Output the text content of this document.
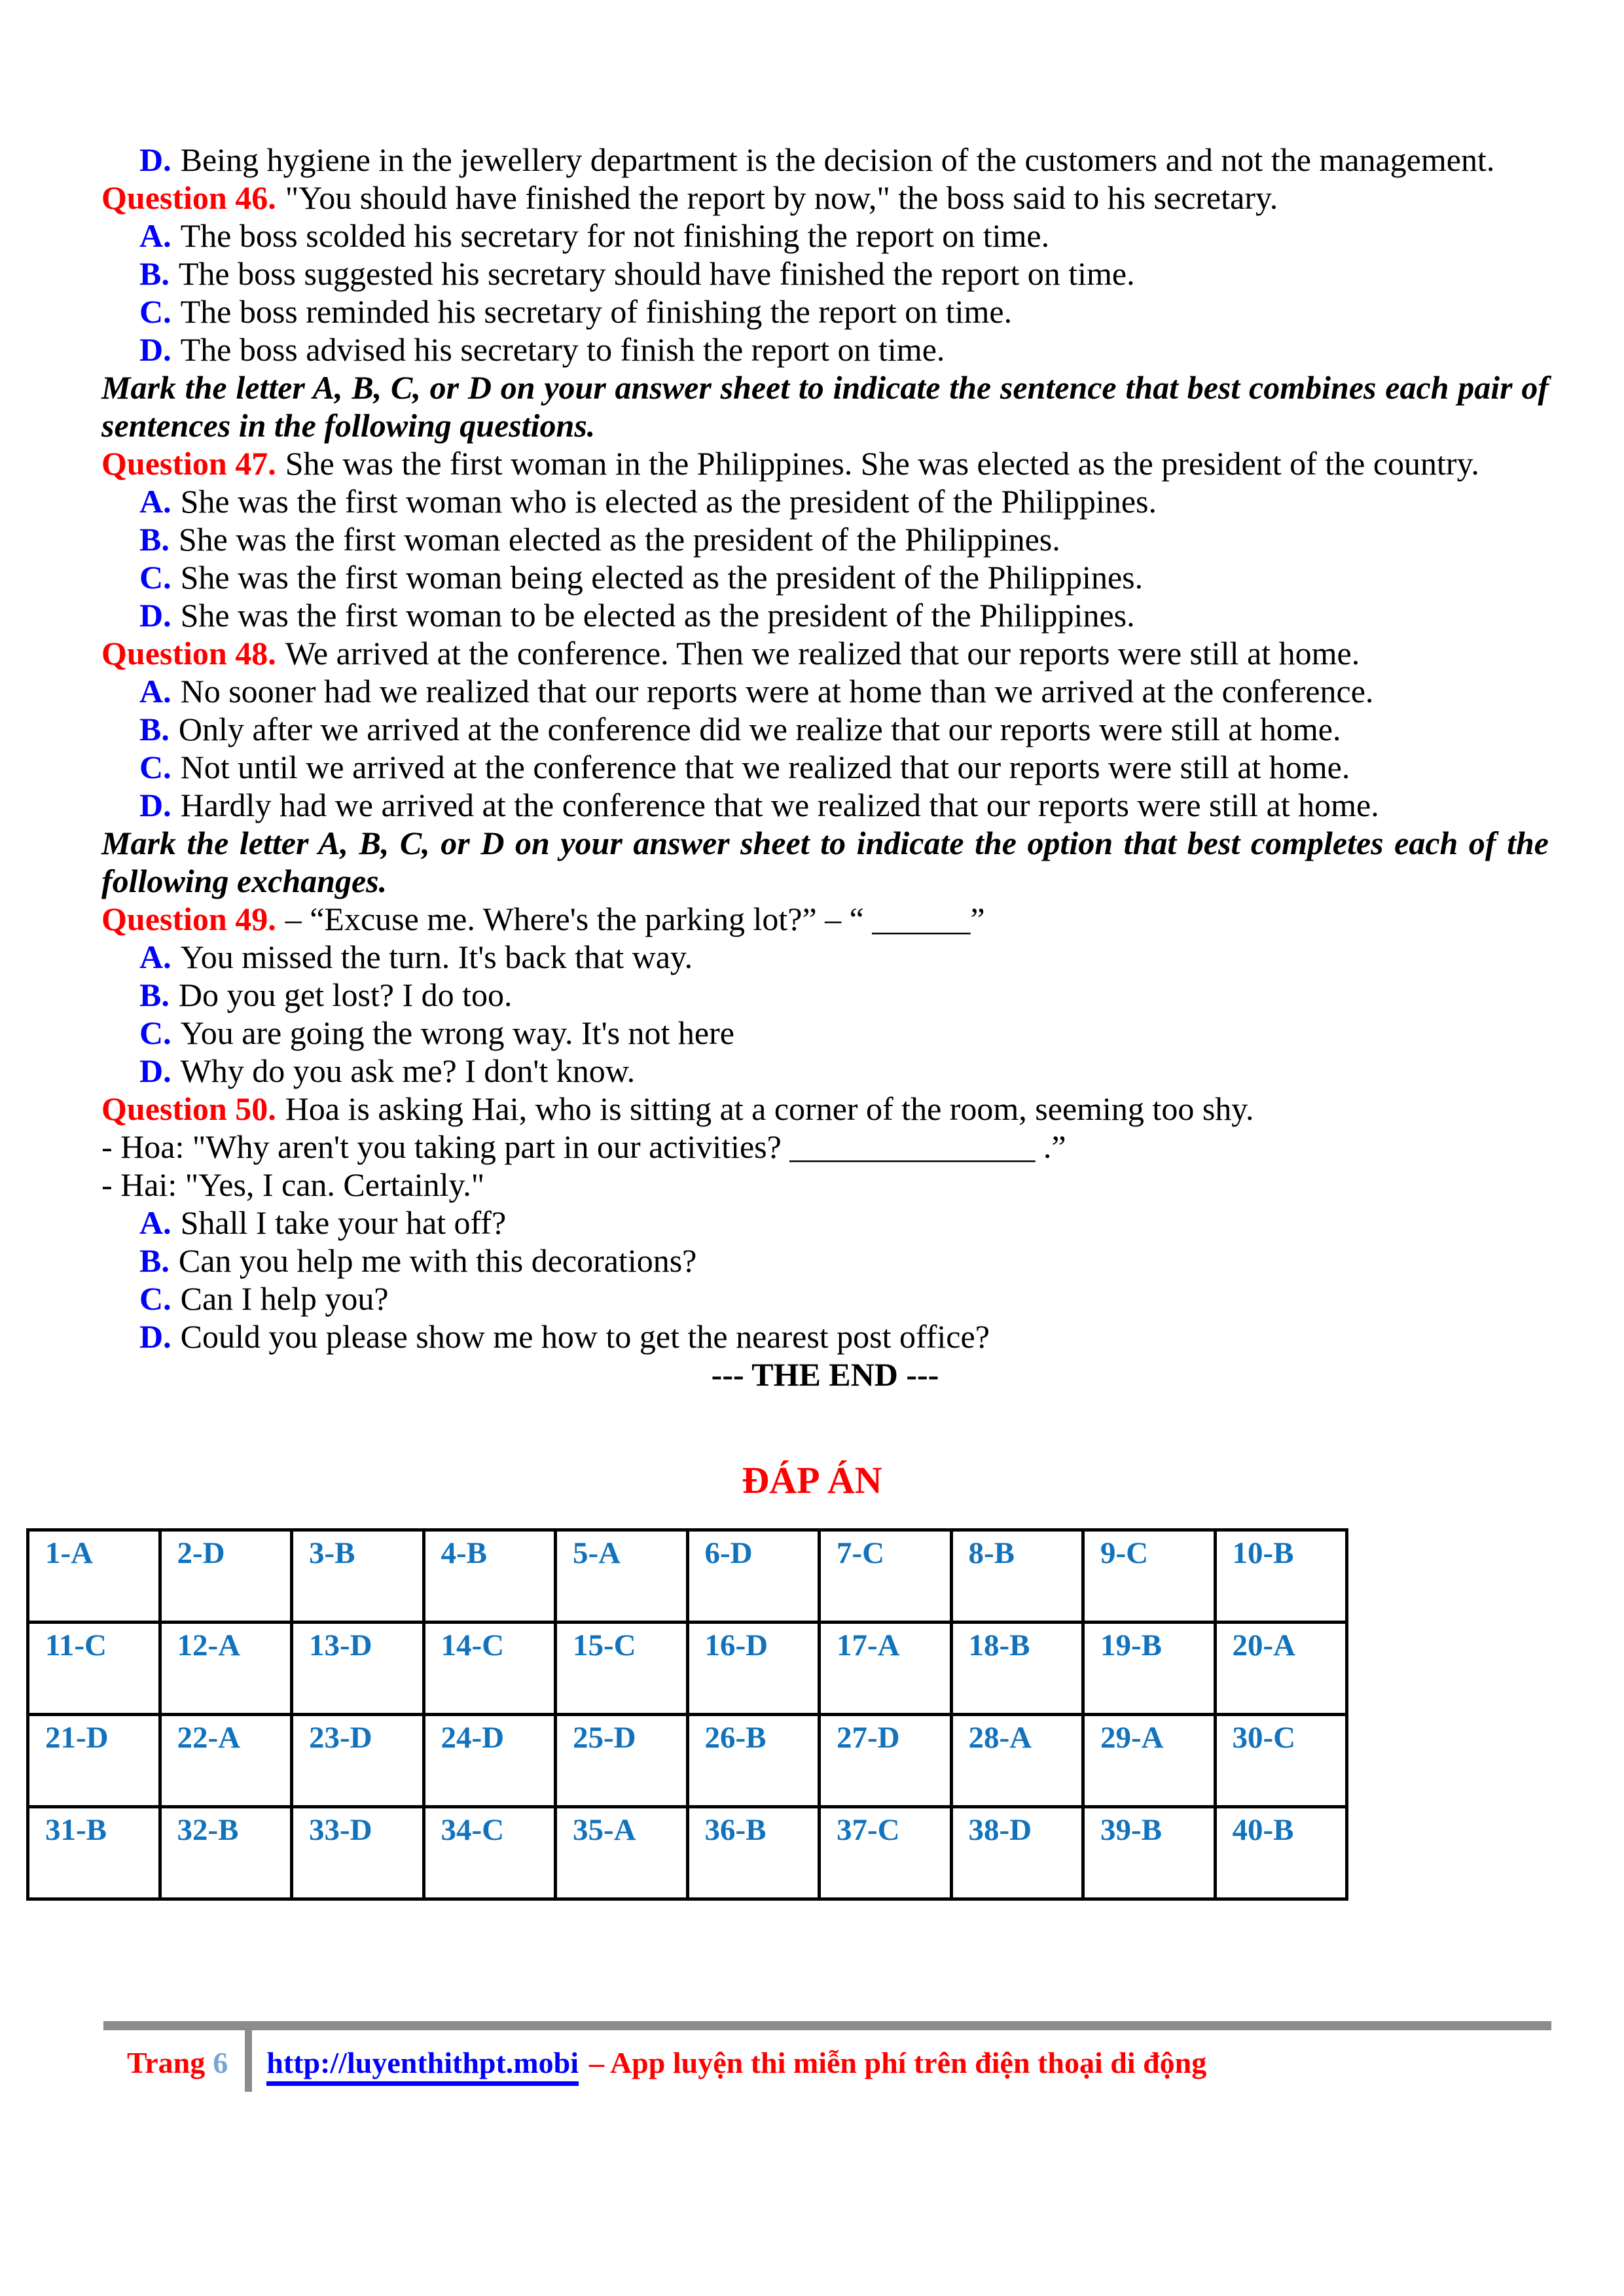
D. Being hygiene in the jewellery department is the decision of the customers and not the management.
Question 46. "You should have finished the report by now," the boss said to his secretary.
A. The boss scolded his secretary for not finishing the report on time.
B. The boss suggested his secretary should have finished the report on time.
C. The boss reminded his secretary of finishing the report on time.
D. The boss advised his secretary to finish the report on time.
Mark the letter A, B, C, or D on your answer sheet to indicate the sentence that best combines each pair of sentences in the following questions.
Question 47. She was the first woman in the Philippines. She was elected as the president of the country.
A. She was the first woman who is elected as the president of the Philippines.
B. She was the first woman elected as the president of the Philippines.
C. She was the first woman being elected as the president of the Philippines.
D. She was the first woman to be elected as the president of the Philippines.
Question 48. We arrived at the conference. Then we realized that our reports were still at home.
A. No sooner had we realized that our reports were at home than we arrived at the conference.
B. Only after we arrived at the conference did we realize that our reports were still at home.
C. Not until we arrived at the conference that we realized that our reports were still at home.
D. Hardly had we arrived at the conference that we realized that our reports were still at home.
Mark the letter A, B, C, or D on your answer sheet to indicate the option that best completes each of the following exchanges.
Question 49. – “Excuse me. Where's the parking lot?” – “ ______”
A. You missed the turn. It's back that way.
B. Do you get lost? I do too.
C. You are going the wrong way. It's not here
D. Why do you ask me? I don't know.
Question 50. Hoa is asking Hai, who is sitting at a corner of the room, seeming too shy.
- Hoa: "Why aren't you taking part in our activities? _______________ .”
- Hai: "Yes, I can. Certainly."
A. Shall I take your hat off?
B. Can you help me with this decorations?
C. Can I help you?
D. Could you please show me how to get the nearest post office?
--- THE END ---
ĐÁP ÁN
1-A	2-D	3-B	4-B	5-A	6-D	7-C	8-B	9-C	10-B
11-C	12-A	13-D	14-C	15-C	16-D	17-A	18-B	19-B	20-A
21-D	22-A	23-D	24-D	25-D	26-B	27-D	28-A	29-A	30-C
31-B	32-B	33-D	34-C	35-A	36-B	37-C	38-D	39-B	40-B
Trang 6 http://luyenthithpt.mobi – App luyện thi miễn phí trên điện thoại di động
